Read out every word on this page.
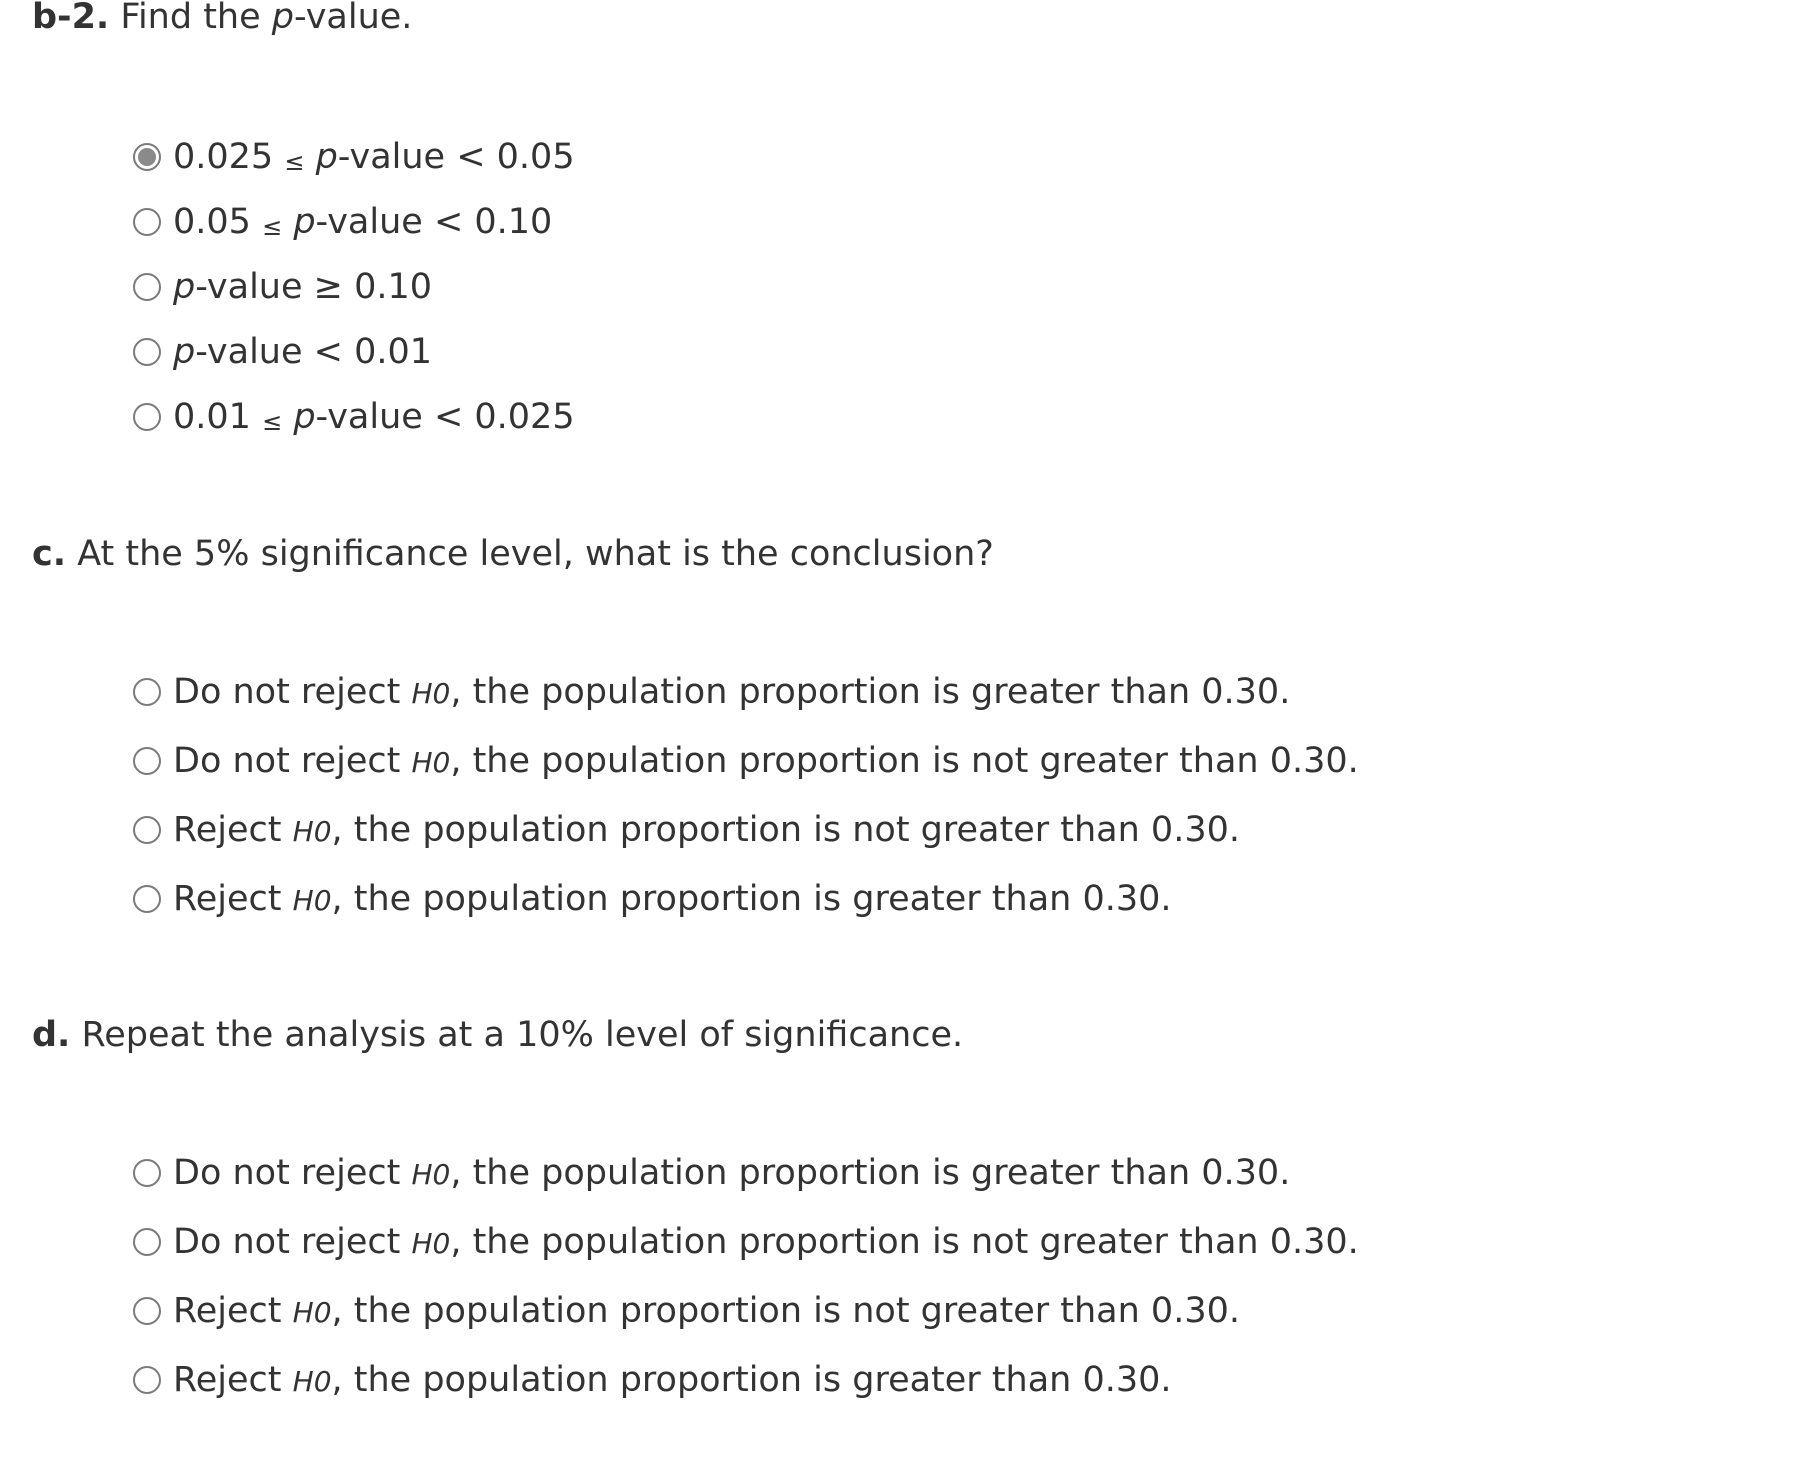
b-2. Find the p-value.
0.025 ≤ p-value < 0.05
0.05 ≤ p-value < 0.10
p-value ≥ 0.10
p-value < 0.01
0.01 ≤ p-value < 0.025
c. At the 5% significance level, what is the conclusion?
Do not reject H0, the population proportion is greater than 0.30.
Do not reject H0, the population proportion is not greater than 0.30.
Reject H0, the population proportion is not greater than 0.30.
Reject H0, the population proportion is greater than 0.30.
d. Repeat the analysis at a 10% level of significance.
Do not reject H0, the population proportion is greater than 0.30.
Do not reject H0, the population proportion is not greater than 0.30.
Reject H0, the population proportion is not greater than 0.30.
Reject H0, the population proportion is greater than 0.30.
